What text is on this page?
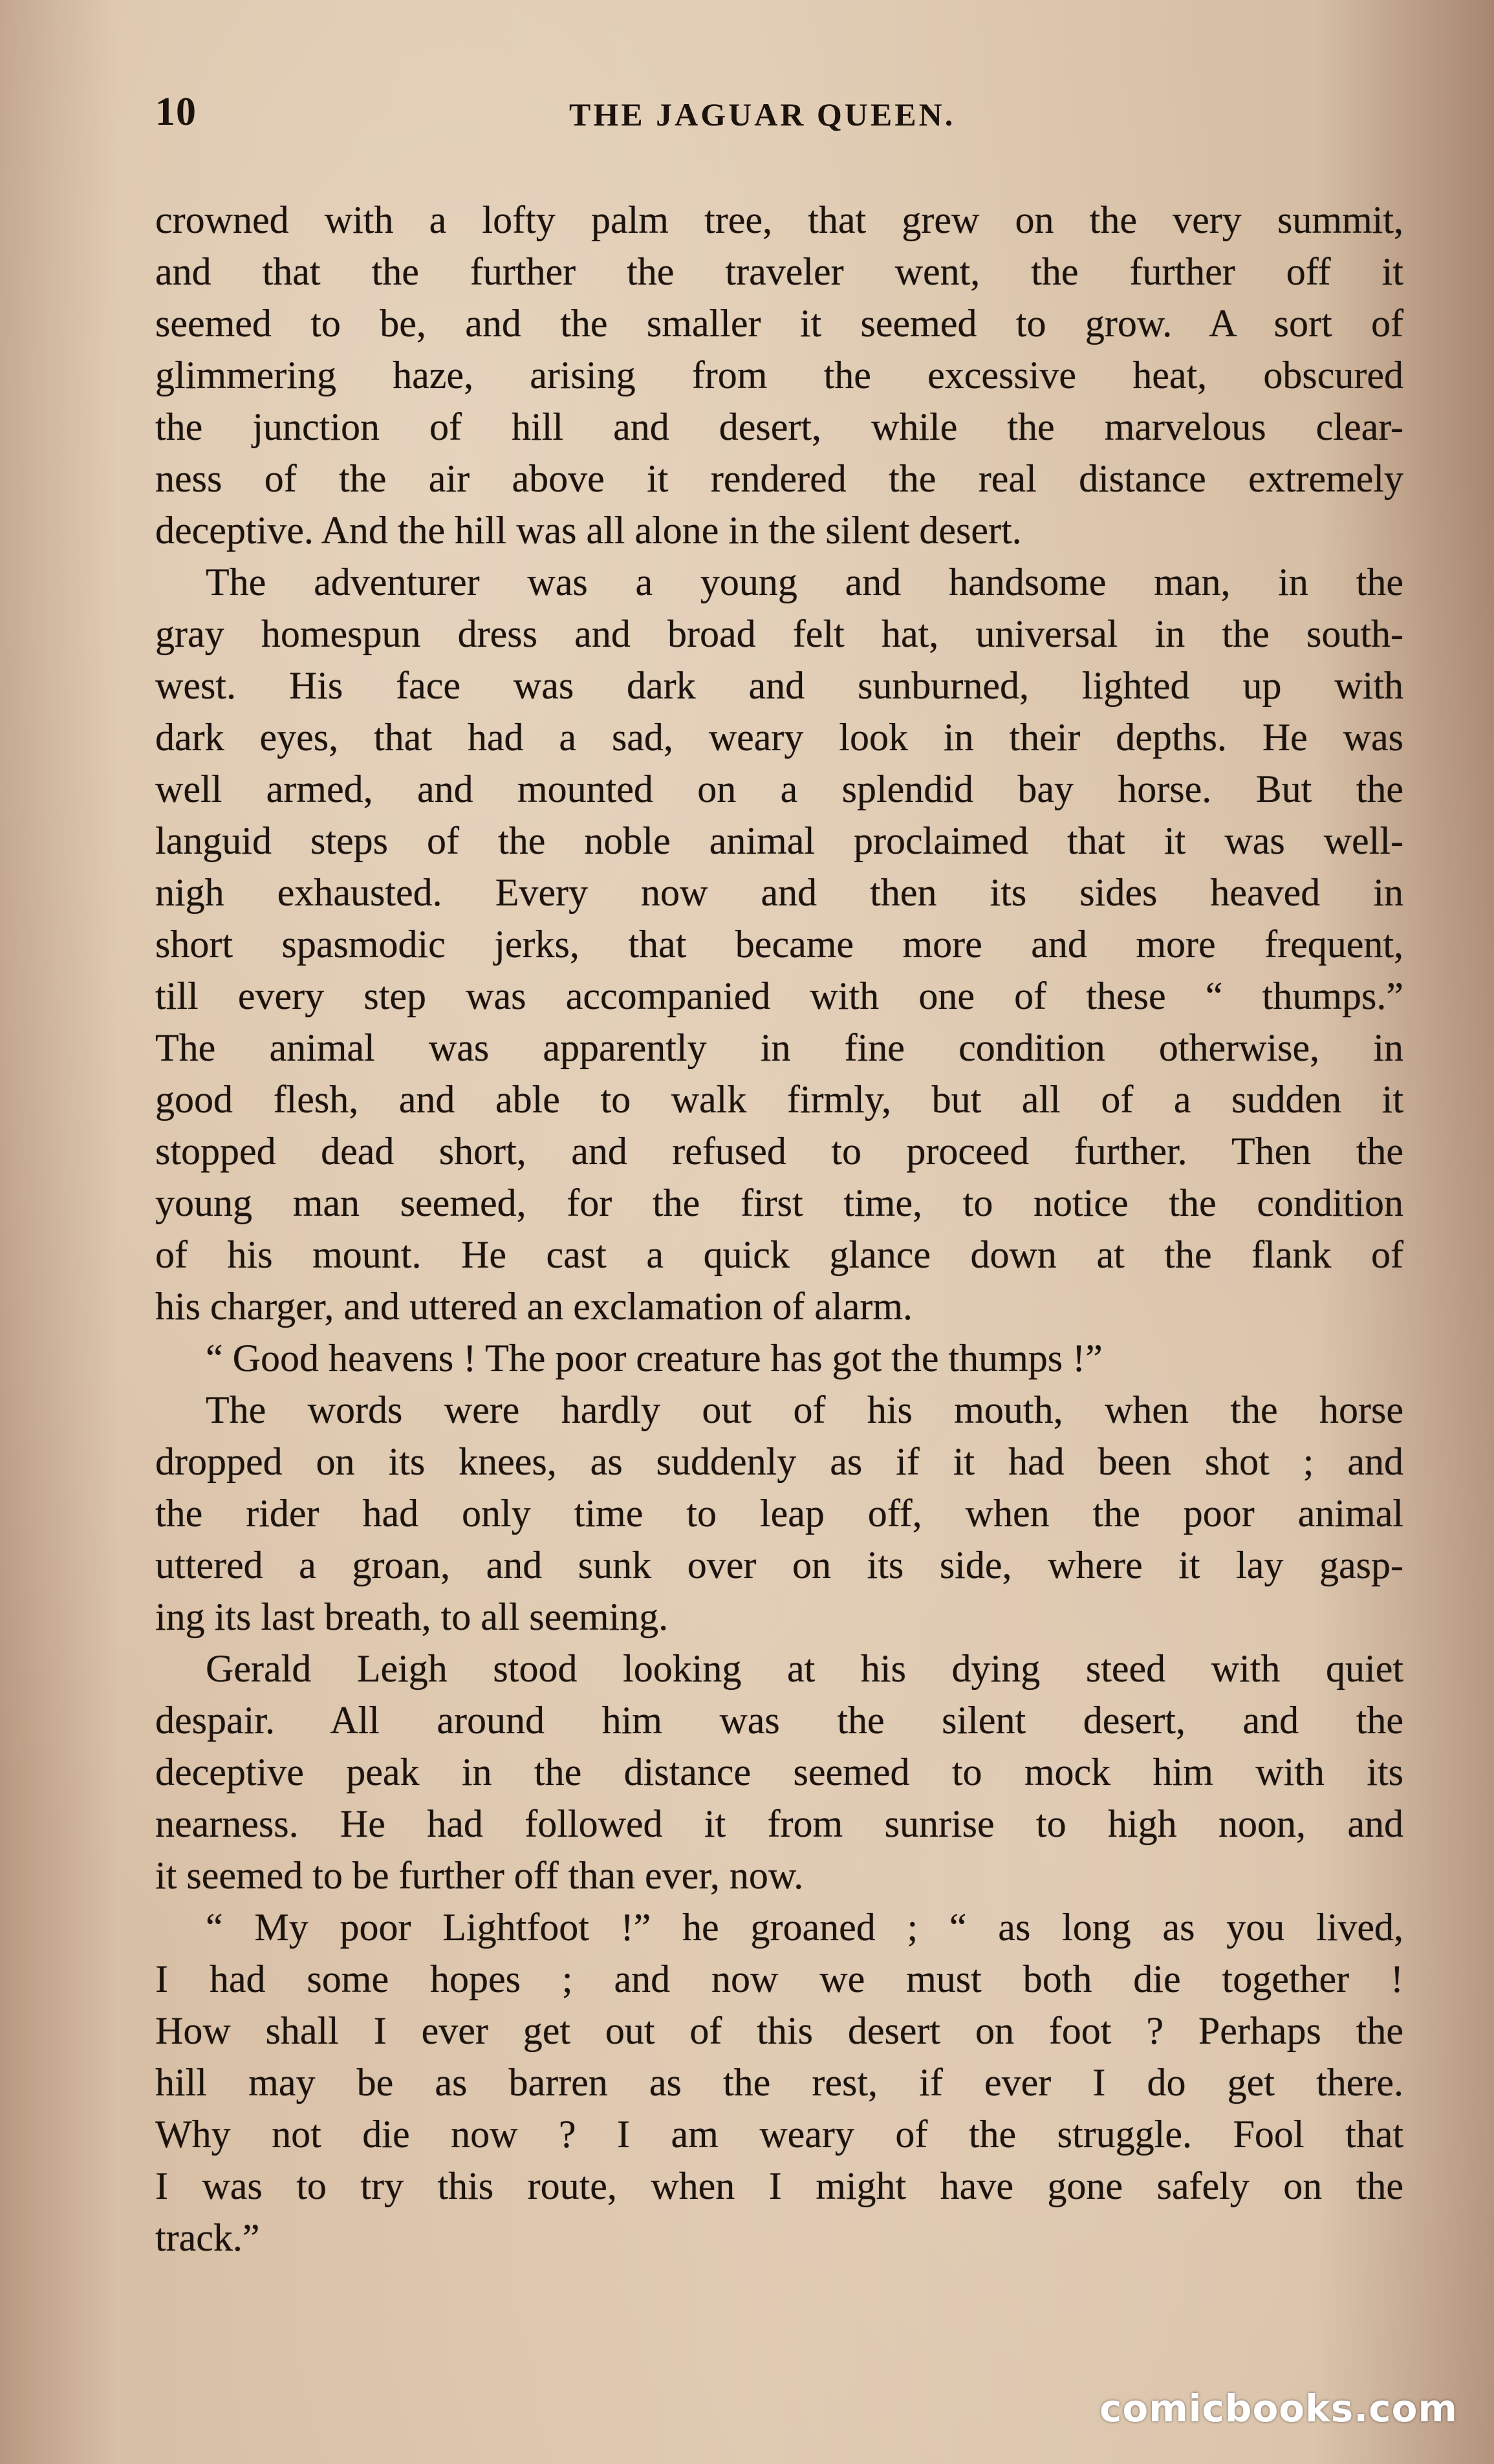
10	THE JAGUAR QUEEN.
crowned with a lofty palm tree, that grew on the very summit,
and that the further the traveler went, the further off it
seemed to be, and the smaller it seemed to grow. A sort of
glimmering haze, arising from the excessive heat, obscured
the junction of hill and desert, while the marvelous clear-
ness of the air above it rendered the real distance extremely
deceptive. And the hill was all alone in the silent desert.
The adventurer was a young and handsome man, in the
gray homespun dress and broad felt hat, universal in the south-
west. His face was dark and sunburned, lighted up with
dark eyes, that had a sad, weary look in their depths. He was
well armed, and mounted on a splendid bay horse. But the
languid steps of the noble animal proclaimed that it was well-
nigh exhausted. Every now and then its sides heaved in
short spasmodic jerks, that became more and more frequent,
till every step was accompanied with one of these “ thumps.”
The animal was apparently in fine condition otherwise, in
good flesh, and able to walk firmly, but all of a sudden it
stopped dead short, and refused to proceed further. Then the
young man seemed, for the first time, to notice the condition
of his mount. He cast a quick glance down at the flank of
his charger, and uttered an exclamation of alarm.
“ Good heavens ! The poor creature has got the thumps !”
The words were hardly out of his mouth, when the horse
dropped on its knees, as suddenly as if it had been shot ; and
the rider had only time to leap off, when the poor animal
uttered a groan, and sunk over on its side, where it lay gasp-
ing its last breath, to all seeming.
Gerald Leigh stood looking at his dying steed with quiet
despair. All around him was the silent desert, and the
deceptive peak in the distance seemed to mock him with its
nearness. He had followed it from sunrise to high noon, and
it seemed to be further off than ever, now.
“ My poor Lightfoot !” he groaned ; “ as long as you lived,
I had some hopes ; and now we must both die together !
How shall I ever get out of this desert on foot ? Perhaps the
hill may be as barren as the rest, if ever I do get there.
Why not die now ? I am weary of the struggle. Fool that
I was to try this route, when I might have gone safely on the
track.”
comicbooks.com
